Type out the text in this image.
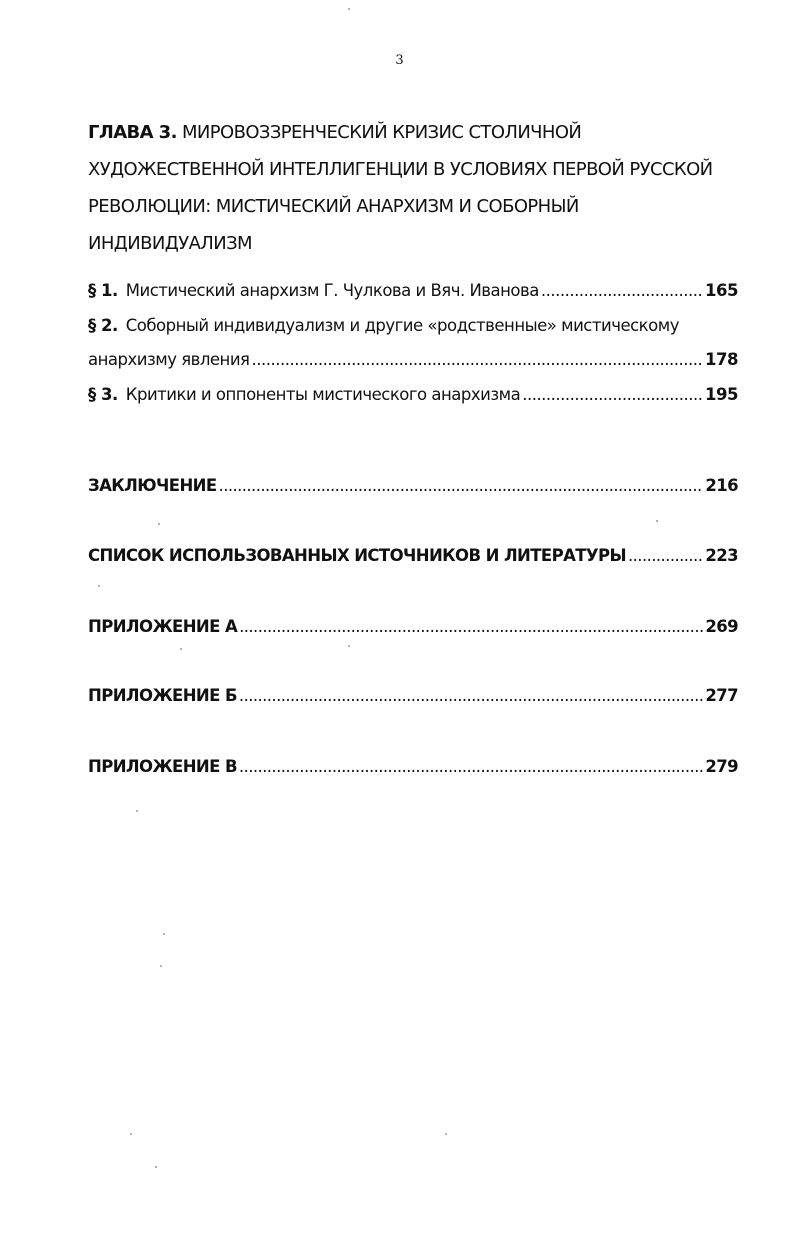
3
ГЛАВА 3. МИРОВОЗЗРЕНЧЕСКИЙ КРИЗИС СТОЛИЧНОЙ ХУДОЖЕСТВЕННОЙ ИНТЕЛЛИГЕНЦИИ В УСЛОВИЯХ ПЕРВОЙ РУССКОЙ РЕВОЛЮЦИИ: МИСТИЧЕСКИЙ АНАРХИЗМ И СОБОРНЫЙ ИНДИВИДУАЛИЗМ
§ 1. Мистический анархизм Г. Чулкова и Вяч. Иванова .....	165
§ 2. Соборный индивидуализм и другие «родственные» мистическому
анархизму явления .....	178
§ 3. Критики и оппоненты мистического анархизма .....	195
ЗАКЛЮЧЕНИЕ .....	216
СПИСОК ИСПОЛЬЗОВАННЫХ ИСТОЧНИКОВ И ЛИТЕРАТУРЫ .....	223
ПРИЛОЖЕНИЕ А .....	269
ПРИЛОЖЕНИЕ Б .....	277
ПРИЛОЖЕНИЕ В .....	279
